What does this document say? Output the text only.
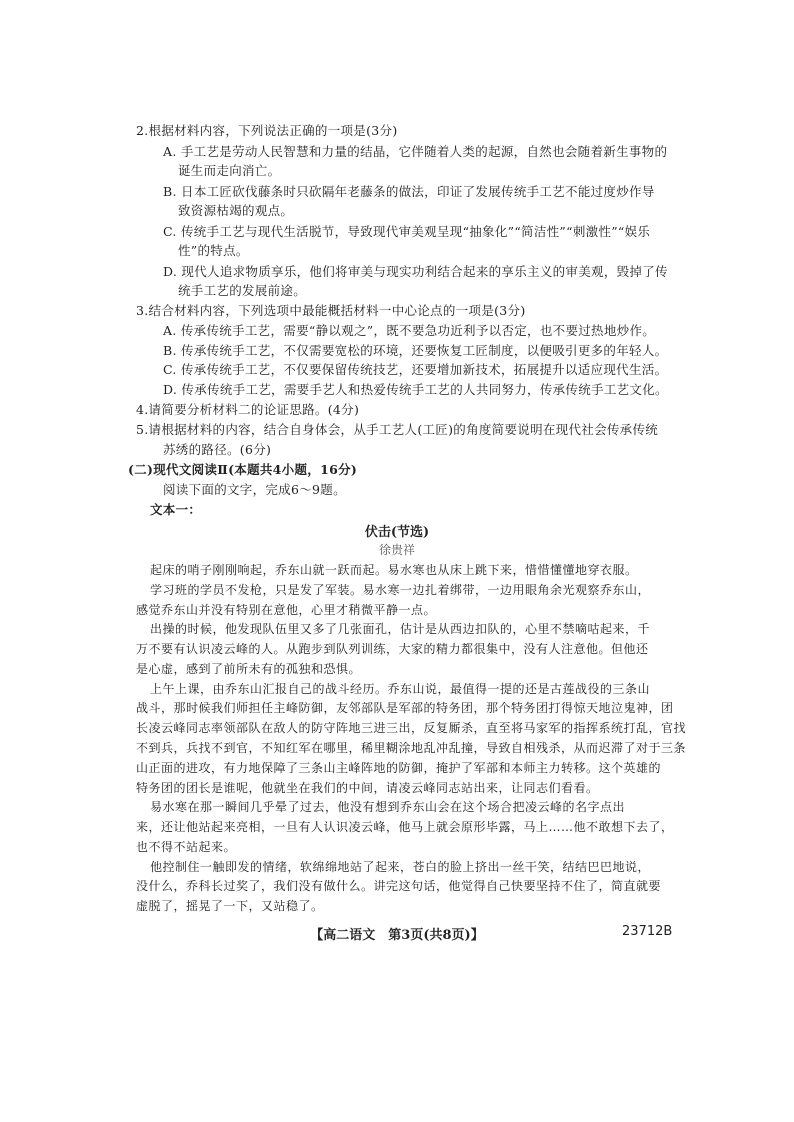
2.根据材料内容，下列说法正确的一项是(3分)
A. 手工艺是劳动人民智慧和力量的结晶，它伴随着人类的起源，自然也会随着新生事物的
诞生而走向消亡。
B. 日本工匠砍伐藤条时只砍隔年老藤条的做法，印证了发展传统手工艺不能过度炒作导
致资源枯竭的观点。
C. 传统手工艺与现代生活脱节，导致现代审美观呈现“抽象化”“简洁性”“刺激性”“娱乐
性”的特点。
D. 现代人追求物质享乐，他们将审美与现实功利结合起来的享乐主义的审美观，毁掉了传
统手工艺的发展前途。
3.结合材料内容，下列选项中最能概括材料一中心论点的一项是(3分)
A. 传承传统手工艺，需要“静以观之”，既不要急功近利予以否定，也不要过热地炒作。
B. 传承传统手工艺，不仅需要宽松的环境，还要恢复工匠制度，以便吸引更多的年轻人。
C. 传承传统手工艺，不仅要保留传统技艺，还要增加新技术，拓展提升以适应现代生活。
D. 传承传统手工艺，需要手艺人和热爱传统手工艺的人共同努力，传承传统手工艺文化。
4.请简要分析材料二的论证思路。(4分)
5.请根据材料的内容，结合自身体会，从手工艺人(工匠)的角度简要说明在现代社会传承传统
苏绣的路径。(6分)
(二)现代文阅读Ⅱ(本题共4小题，16分)
阅读下面的文字，完成6～9题。
文本一：
伏击(节选)
徐贵祥
起床的哨子刚刚响起，乔东山就一跃而起。易水寒也从床上跳下来，惜惜懂懂地穿衣服。
学习班的学员不发枪，只是发了军装。易水寒一边扎着绑带，一边用眼角余光观察乔东山，
感觉乔东山并没有特别在意他，心里才稍微平静一点。
出操的时候，他发现队伍里又多了几张面孔，估计是从西边扣队的，心里不禁嘀咕起来，千
万不要有认识凌云峰的人。从跑步到队列训练，大家的精力都很集中，没有人注意他。但他还
是心虚，感到了前所未有的孤独和恐惧。
上午上课，由乔东山汇报自己的战斗经历。乔东山说，最值得一提的还是古莲战役的三条山
战斗，那时候我们师担任主峰防御，友邻部队是军部的特务团，那个特务团打得惊天地泣鬼神，团
长凌云峰同志率领部队在敌人的防守阵地三进三出，反复厮杀，直至将马家军的指挥系统打乱，官找
不到兵，兵找不到官，不知红军在哪里，稀里糊涂地乱冲乱撞，导致自相残杀，从而迟滞了对于三条
山正面的进攻，有力地保障了三条山主峰阵地的防御，掩护了军部和本师主力转移。这个英雄的
特务团的团长是谁呢，他就坐在我们的中间，请凌云峰同志站出来，让同志们看看。
易水寒在那一瞬间几乎晕了过去，他没有想到乔东山会在这个场合把凌云峰的名字点出
来，还让他站起来亮相，一旦有人认识凌云峰，他马上就会原形毕露，马上……他不敢想下去了，
也不得不站起来。
他控制住一触即发的情绪，软绵绵地站了起来，苍白的脸上挤出一丝干笑，结结巴巴地说，
【高二语文　第3页(共8页)】	23712B
没什么，乔科长过奖了，我们没有做什么。讲完这句话，他觉得自己快要坚持不住了，简直就要
虚脱了，摇晃了一下，又站稳了。
